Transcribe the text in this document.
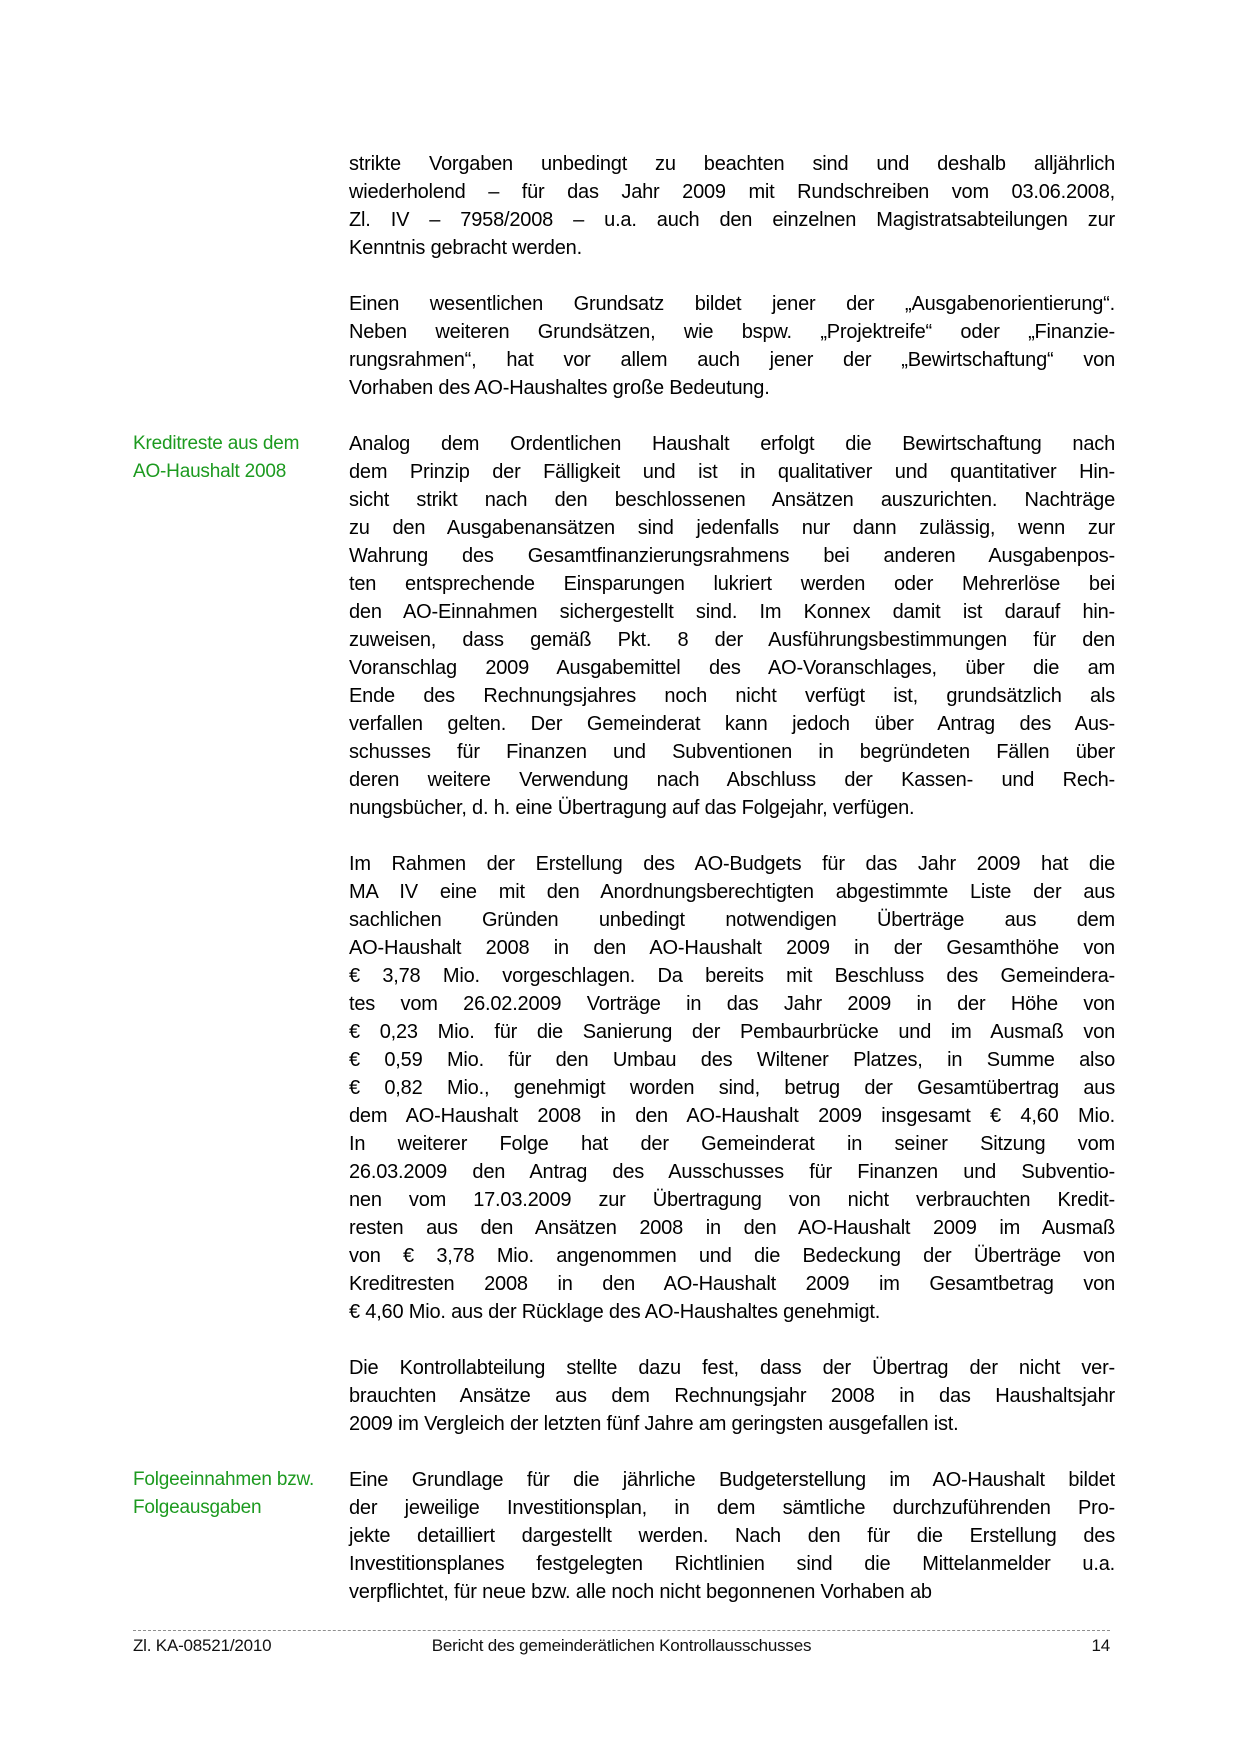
strikte Vorgaben unbedingt zu beachten sind und deshalb alljährlich
wiederholend – für das Jahr 2009 mit Rundschreiben vom 03.06.2008,
Zl. IV – 7958/2008 – u.a. auch den einzelnen Magistratsabteilungen zur
Kenntnis gebracht werden.
Einen wesentlichen Grundsatz bildet jener der „Ausgabenorientierung“.
Neben weiteren Grundsätzen, wie bspw. „Projektreife“ oder „Finanzie-
rungsrahmen“, hat vor allem auch jener der „Bewirtschaftung“ von
Vorhaben des AO-Haushaltes große Bedeutung.
Kreditreste aus dem
AO-Haushalt 2008
Analog dem Ordentlichen Haushalt erfolgt die Bewirtschaftung nach
dem Prinzip der Fälligkeit und ist in qualitativer und quantitativer Hin-
sicht strikt nach den beschlossenen Ansätzen auszurichten. Nachträge
zu den Ausgabenansätzen sind jedenfalls nur dann zulässig, wenn zur
Wahrung des Gesamtfinanzierungsrahmens bei anderen Ausgabenpos-
ten entsprechende Einsparungen lukriert werden oder Mehrerlöse bei
den AO-Einnahmen sichergestellt sind. Im Konnex damit ist darauf hin-
zuweisen, dass gemäß Pkt. 8 der Ausführungsbestimmungen für den
Voranschlag 2009 Ausgabemittel des AO-Voranschlages, über die am
Ende des Rechnungsjahres noch nicht verfügt ist, grundsätzlich als
verfallen gelten. Der Gemeinderat kann jedoch über Antrag des Aus-
schusses für Finanzen und Subventionen in begründeten Fällen über
deren weitere Verwendung nach Abschluss der Kassen- und Rech-
nungsbücher, d. h. eine Übertragung auf das Folgejahr, verfügen.
Im Rahmen der Erstellung des AO-Budgets für das Jahr 2009 hat die
MA IV eine mit den Anordnungsberechtigten abgestimmte Liste der aus
sachlichen Gründen unbedingt notwendigen Überträge aus dem
AO-Haushalt 2008 in den AO-Haushalt 2009 in der Gesamthöhe von
€ 3,78 Mio. vorgeschlagen. Da bereits mit Beschluss des Gemeindera-
tes vom 26.02.2009 Vorträge in das Jahr 2009 in der Höhe von
€ 0,23 Mio. für die Sanierung der Pembaurbrücke und im Ausmaß von
€ 0,59 Mio. für den Umbau des Wiltener Platzes, in Summe also
€ 0,82 Mio., genehmigt worden sind, betrug der Gesamtübertrag aus
dem AO-Haushalt 2008 in den AO-Haushalt 2009 insgesamt € 4,60 Mio.
In weiterer Folge hat der Gemeinderat in seiner Sitzung vom
26.03.2009 den Antrag des Ausschusses für Finanzen und Subventio-
nen vom 17.03.2009 zur Übertragung von nicht verbrauchten Kredit-
resten aus den Ansätzen 2008 in den AO-Haushalt 2009 im Ausmaß
von € 3,78 Mio. angenommen und die Bedeckung der Überträge von
Kreditresten 2008 in den AO-Haushalt 2009 im Gesamtbetrag von
€ 4,60 Mio. aus der Rücklage des AO-Haushaltes genehmigt.
Die Kontrollabteilung stellte dazu fest, dass der Übertrag der nicht ver-
brauchten Ansätze aus dem Rechnungsjahr 2008 in das Haushaltsjahr
2009 im Vergleich der letzten fünf Jahre am geringsten ausgefallen ist.
Folgeeinnahmen bzw.
Folgeausgaben
Eine Grundlage für die jährliche Budgeterstellung im AO-Haushalt bildet
der jeweilige Investitionsplan, in dem sämtliche durchzuführenden Pro-
jekte detailliert dargestellt werden. Nach den für die Erstellung des
Investitionsplanes festgelegten Richtlinien sind die Mittelanmelder u.a.
verpflichtet, für neue bzw. alle noch nicht begonnenen Vorhaben ab
Zl. KA-08521/2010	Bericht des gemeinderätlichen Kontrollausschusses	14
